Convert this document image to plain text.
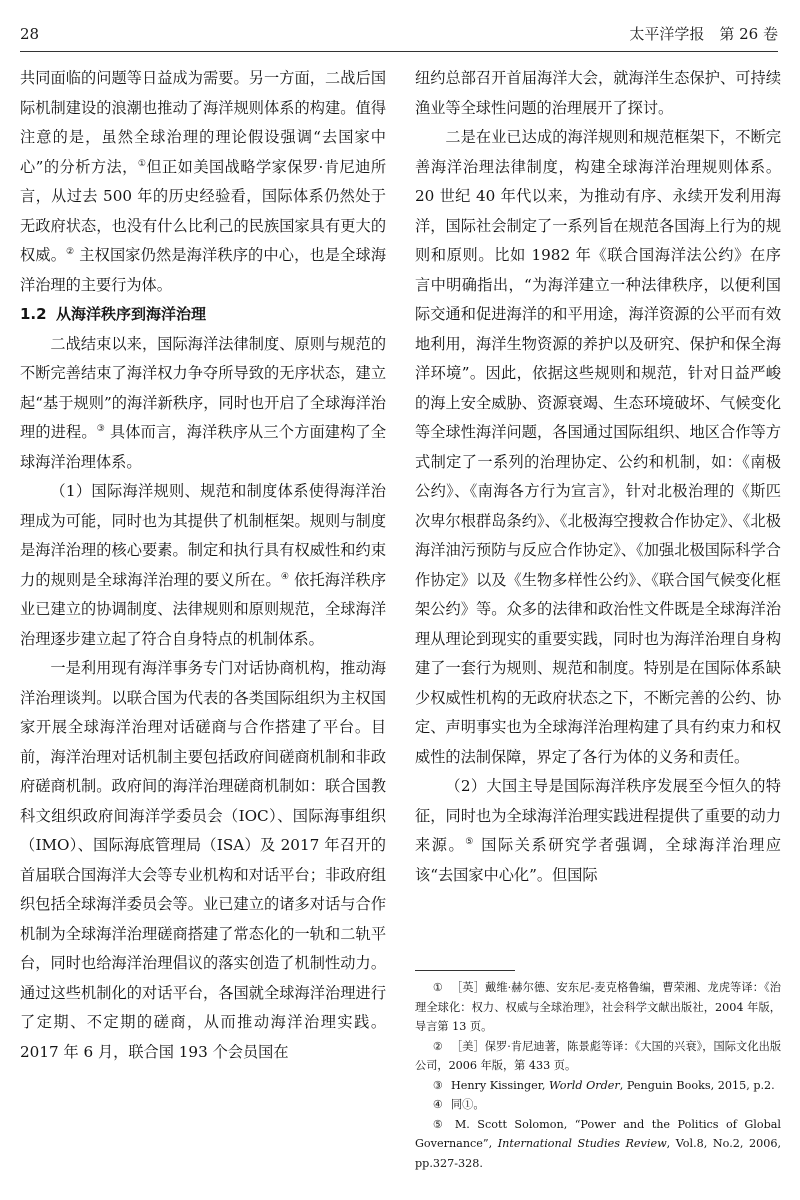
28	太平洋学报　第 26 卷

共同面临的问题等日益成为需要。另一方面，二战后国际机制建设的浪潮也推动了海洋规则体系的构建。值得注意的是，虽然全球治理的理论假设强调“去国家中心”的分析方法，①但正如美国战略学家保罗·肯尼迪所言，从过去 500 年的历史经验看，国际体系仍然处于无政府状态，也没有什么比利己的民族国家具有更大的权威。② 主权国家仍然是海洋秩序的中心，也是全球海洋治理的主要行为体。

1.2 从海洋秩序到海洋治理

二战结束以来，国际海洋法律制度、原则与规范的不断完善结束了海洋权力争夺所导致的无序状态，建立起“基于规则”的海洋新秩序，同时也开启了全球海洋治理的进程。③ 具体而言，海洋秩序从三个方面建构了全球海洋治理体系。

（1）国际海洋规则、规范和制度体系使得海洋治理成为可能，同时也为其提供了机制框架。规则与制度是海洋治理的核心要素。制定和执行具有权威性和约束力的规则是全球海洋治理的要义所在。④ 依托海洋秩序业已建立的协调制度、法律规则和原则规范，全球海洋治理逐步建立起了符合自身特点的机制体系。

一是利用现有海洋事务专门对话协商机构，推动海洋治理谈判。以联合国为代表的各类国际组织为主权国家开展全球海洋治理对话磋商与合作搭建了平台。目前，海洋治理对话机制主要包括政府间磋商机制和非政府磋商机制。政府间的海洋治理磋商机制如：联合国教科文组织政府间海洋学委员会（IOC）、国际海事组织（IMO）、国际海底管理局（ISA）及 2017 年召开的首届联合国海洋大会等专业机构和对话平台；非政府组织包括全球海洋委员会等。业已建立的诸多对话与合作机制为全球海洋治理磋商搭建了常态化的一轨和二轨平台，同时也给海洋治理倡议的落实创造了机制性动力。通过这些机制化的对话平台，各国就全球海洋治理进行了定期、不定期的磋商，从而推动海洋治理实践。2017 年 6 月，联合国 193 个会员国在

纽约总部召开首届海洋大会，就海洋生态保护、可持续渔业等全球性问题的治理展开了探讨。

二是在业已达成的海洋规则和规范框架下，不断完善海洋治理法律制度，构建全球海洋治理规则体系。20 世纪 40 年代以来，为推动有序、永续开发利用海洋，国际社会制定了一系列旨在规范各国海上行为的规则和原则。比如 1982 年《联合国海洋法公约》在序言中明确指出，“为海洋建立一种法律秩序，以便利国际交通和促进海洋的和平用途，海洋资源的公平而有效地利用，海洋生物资源的养护以及研究、保护和保全海洋环境”。因此，依据这些规则和规范，针对日益严峻的海上安全威胁、资源衰竭、生态环境破坏、气候变化等全球性海洋问题，各国通过国际组织、地区合作等方式制定了一系列的治理协定、公约和机制，如：《南极公约》、《南海各方行为宣言》，针对北极治理的《斯匹次卑尔根群岛条约》、《北极海空搜救合作协定》、《北极海洋油污预防与反应合作协定》、《加强北极国际科学合作协定》以及《生物多样性公约》、《联合国气候变化框架公约》等。众多的法律和政治性文件既是全球海洋治理从理论到现实的重要实践，同时也为海洋治理自身构建了一套行为规则、规范和制度。特别是在国际体系缺少权威性机构的无政府状态之下，不断完善的公约、协定、声明事实也为全球海洋治理构建了具有约束力和权威性的法制保障，界定了各行为体的义务和责任。

（2）大国主导是国际海洋秩序发展至今恒久的特征，同时也为全球海洋治理实践进程提供了重要的动力来源。⑤ 国际关系研究学者强调，全球海洋治理应该“去国家中心化”。但国际

① ［英］戴维·赫尔德、安东尼-麦克格鲁编，曹荣湘、龙虎等译：《治理全球化：权力、权威与全球治理》，社会科学文献出版社，2004 年版，导言第 13 页。

② ［美］保罗·肯尼迪著，陈景彪等译：《大国的兴衰》，国际文化出版公司，2006 年版，第 433 页。

③ Henry Kissinger, World Order, Penguin Books, 2015, p.2.

④ 同①。

⑤ M. Scott Solomon, “Power and the Politics of Global Governance”, International Studies Review, Vol.8, No.2, 2006, pp.327-328.
